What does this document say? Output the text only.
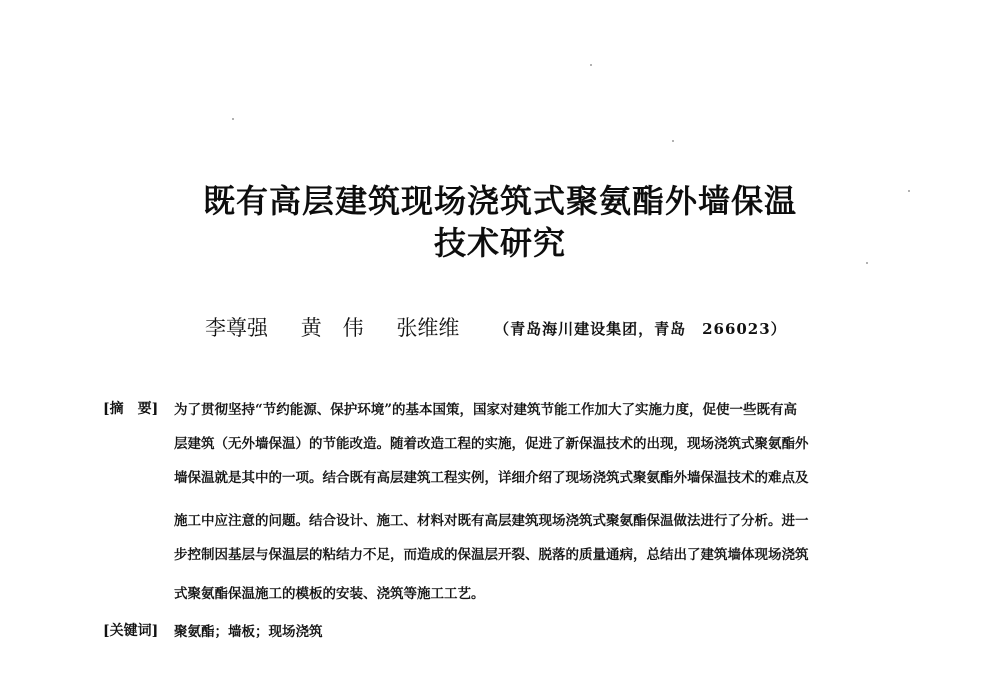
既有高层建筑现场浇筑式聚氨酯外墙保温
技术研究
李尊强 黄　伟 张维维 （青岛海川建设集团，青岛　266023）
[摘　要] 为了贯彻坚持“节约能源、保护环境”的基本国策，国家对建筑节能工作加大了实施力度，促使一些既有高
层建筑（无外墙保温）的节能改造。随着改造工程的实施，促进了新保温技术的出现，现场浇筑式聚氨酯外
墙保温就是其中的一项。结合既有高层建筑工程实例，详细介绍了现场浇筑式聚氨酯外墙保温技术的难点及
施工中应注意的问题。结合设计、施工、材料对既有高层建筑现场浇筑式聚氨酯保温做法进行了分析。进一
步控制因基层与保温层的粘结力不足，而造成的保温层开裂、脱落的质量通病，总结出了建筑墙体现场浇筑
式聚氨酯保温施工的模板的安装、浇筑等施工工艺。
[关键词] 聚氨酯；墙板；现场浇筑
